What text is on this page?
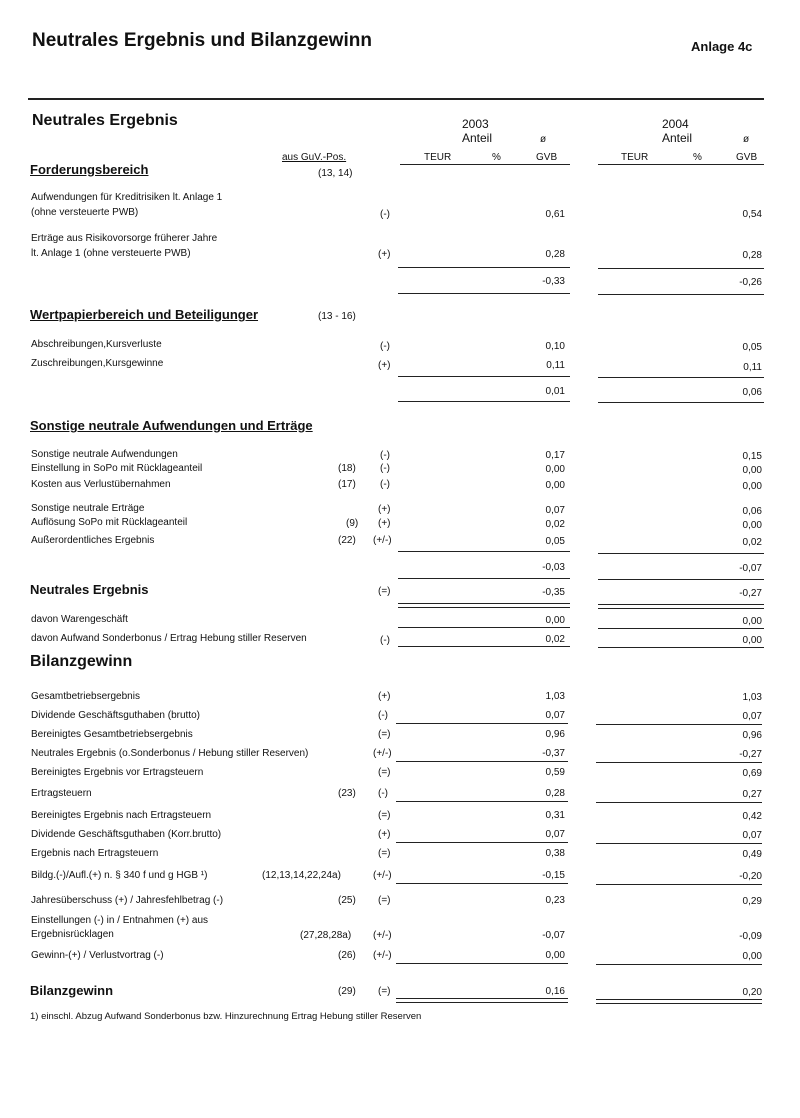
Neutrales Ergebnis und Bilanzgewinn	Anlage 4c
Neutrales Ergebnis	2003
Anteil	ø
2004
Anteil	ø
aus GuV.-Pos.	TEUR	%	GVB	TEUR	%	GVB
Forderungsbereich	(13, 14)
Aufwendungen für Kreditrisiken lt. Anlage 1
(ohne versteuerte PWB)	(-)	0,61	0,54
Erträge aus Risikovorsorge früherer Jahre
lt. Anlage 1 (ohne versteuerte PWB)	(+)	0,28	0,28
-0,33	-0,26
Wertpapierbereich und Beteiligunger	(13 - 16)
Abschreibungen,Kursverluste	(-)	0,10	0,05
Zuschreibungen,Kursgewinne	(+)	0,11	0,11
0,01	0,06
Sonstige neutrale Aufwendungen und Erträge
Sonstige neutrale Aufwendungen	(-)	0,17	0,15
Einstellung in SoPo mit Rücklageanteil	(18) (-)	0,00	0,00
Kosten aus Verlustübernahmen	(17) (-)	0,00	0,00
Sonstige neutrale Erträge	(+)	0,07	0,06
Auflösung SoPo mit Rücklageanteil	(9) (+)	0,02	0,00
Außerordentliches Ergebnis	(22) (+/-)	0,05	0,02
-0,03	-0,07
Neutrales Ergebnis	(=)	-0,35	-0,27
davon Warengeschäft	0,00	0,00
davon Aufwand Sonderbonus / Ertrag Hebung stiller Reserven	(-)	0,02	0,00
Bilanzgewinn
Gesamtbetriebsergebnis	(+)	1,03	1,03
Dividende Geschäftsguthaben (brutto)	(-)	0,07	0,07
Bereinigtes Gesamtbetriebsergebnis	(=)	0,96	0,96
Neutrales Ergebnis (o.Sonderbonus / Hebung stiller Reserven)	(+/-)	-0,37	-0,27
Bereinigtes Ergebnis vor Ertragsteuern	(=)	0,59	0,69
Ertragsteuern	(23) (-)	0,28	0,27
Bereinigtes Ergebnis nach Ertragsteuern	(=)	0,31	0,42
Dividende Geschäftsguthaben (Korr.brutto)	(+)	0,07	0,07
Ergebnis nach Ertragsteuern	(=)	0,38	0,49
Bildg.(-)/Aufl.(+) n. § 340 f und g HGB ¹)	(12,13,14,22,24a)	(+/-)	-0,15	-0,20
Jahresüberschuss (+) / Jahresfehlbetrag (-)	(25) (=)	0,23	0,29
Einstellungen (-) in / Entnahmen (+) aus
Ergebnisrücklagen	(27,28,28a) (+/-)	-0,07	-0,09
Gewinn-(+) / Verlustvortrag (-)	(26) (+/-)	0,00	0,00
Bilanzgewinn	(29) (=)	0,16	0,20
1) einschl. Abzug Aufwand Sonderbonus bzw. Hinzurechnung Ertrag Hebung stiller Reserven
